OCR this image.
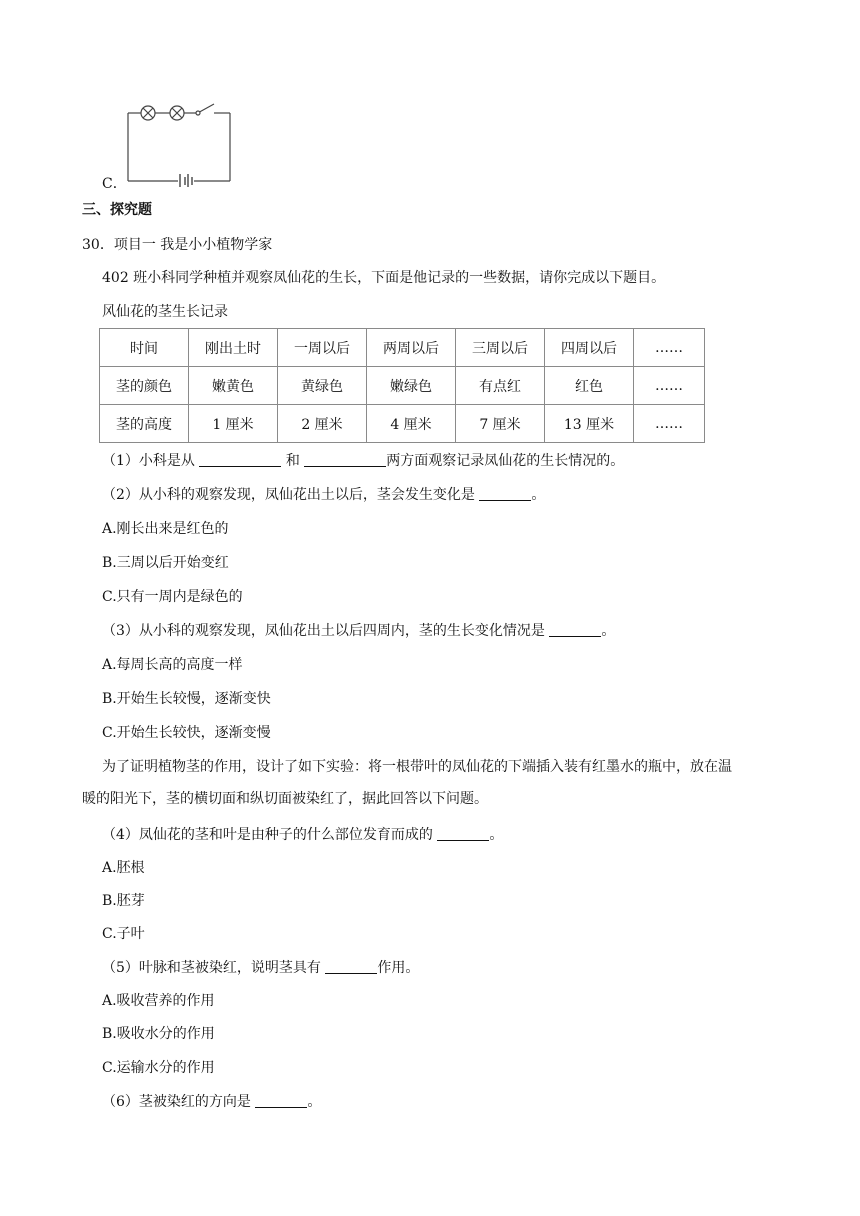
C．
三、探究题
30．项目一 我是小小植物学家
402 班小科同学种植并观察凤仙花的生长，下面是他记录的一些数据，请你完成以下题目。
风仙花的茎生长记录
时间	刚出土时	一周以后	两周以后	三周以后	四周以后	……
茎的颜色	嫩黄色	黄绿色	嫩绿色	有点红	红色	……
茎的高度	1 厘米	2 厘米	4 厘米	7 厘米	13 厘米	……
（1）小科是从	和	两方面观察记录凤仙花的生长情况的。
（2）从小科的观察发现，凤仙花出土以后，茎会发生变化是	。
A.刚长出来是红色的
B.三周以后开始变红
C.只有一周内是绿色的
（3）从小科的观察发现，凤仙花出土以后四周内，茎的生长变化情况是	。
A.每周长高的高度一样
B.开始生长较慢，逐渐变快
C.开始生长较快，逐渐变慢
为了证明植物茎的作用，设计了如下实验：将一根带叶的凤仙花的下端插入装有红墨水的瓶中，放在温
暖的阳光下，茎的横切面和纵切面被染红了，据此回答以下问题。
（4）凤仙花的茎和叶是由种子的什么部位发育而成的	。
A.胚根
B.胚芽
C.子叶
（5）叶脉和茎被染红，说明茎具有	作用。
A.吸收营养的作用
B.吸收水分的作用
C.运输水分的作用
（6）茎被染红的方向是	。
